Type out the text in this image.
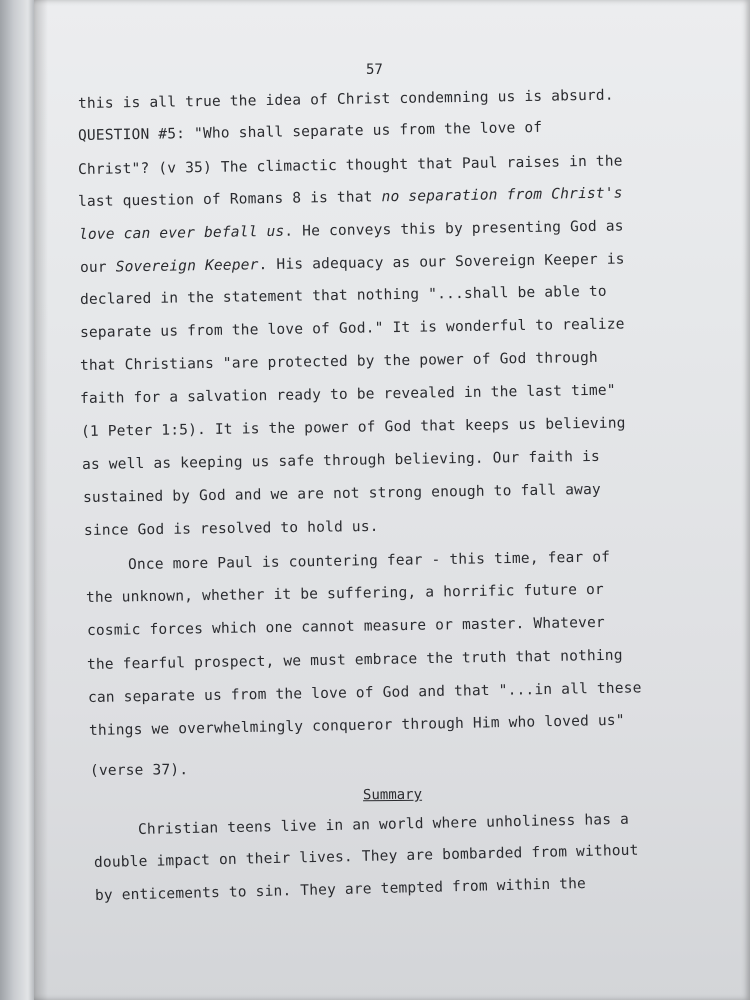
57
this is all true the idea of Christ condemning us is absurd.
QUESTION #5: "Who shall separate us from the love of
Christ"? (v 35) The climactic thought that Paul raises in the
last question of Romans 8 is that no separation from Christ's
love can ever befall us. He conveys this by presenting God as
our Sovereign Keeper. His adequacy as our Sovereign Keeper is
declared in the statement that nothing "...shall be able to
separate us from the love of God." It is wonderful to realize
that Christians "are protected by the power of God through
faith for a salvation ready to be revealed in the last time"
(1 Peter 1:5). It is the power of God that keeps us believing
as well as keeping us safe through believing. Our faith is
sustained by God and we are not strong enough to fall away
since God is resolved to hold us.
Once more Paul is countering fear - this time, fear of
the unknown, whether it be suffering, a horrific future or
cosmic forces which one cannot measure or master. Whatever
the fearful prospect, we must embrace the truth that nothing
can separate us from the love of God and that "...in all these
things we overwhelmingly conqueror through Him who loved us"
(verse 37).
Christian teens live in an world where unholiness has a
double impact on their lives. They are bombarded from without
by enticements to sin. They are tempted from within the
Summary
